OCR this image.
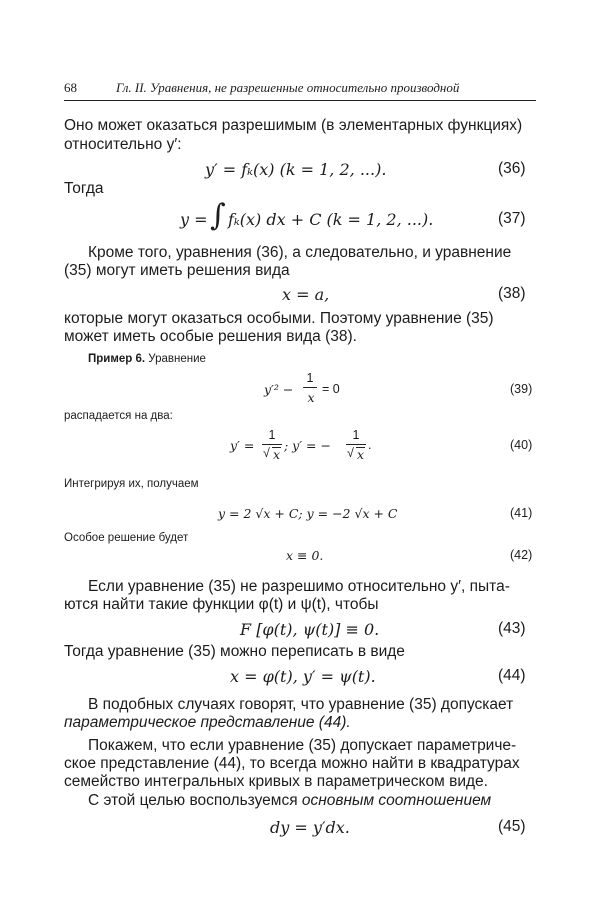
68	Гл. II. Уравнения, не разрешенные относительно производной
Оно может оказаться разрешимым (в элементарных функциях)
относительно y′:
y′ = fₖ(x) (k = 1, 2, ...).	(36)
Тогда
y = ∫ fₖ(x) dx + C (k = 1, 2, ...).	(37)
Кроме того, уравнения (36), а следовательно, и уравнение
(35) могут иметь решения вида
x = a,	(38)
которые могут оказаться особыми. Поэтому уравнение (35)
может иметь особые решения вида (38).
Пример 6. Уравнение
y′² −
1
x
= 0	(39)
распадается на два:
y′ =
1
√ x
; y′ = −
1
√ x
.	(40)
Интегрируя их, получаем
y = 2 √x + C; y = −2 √x + C	(41)
Особое решение будет
x ≡ 0.	(42)
Если уравнение (35) не разрешимо относительно y′, пыта-
ются найти такие функции φ(t) и ψ(t), чтобы
F [φ(t), ψ(t)] ≡ 0.	(43)
Тогда уравнение (35) можно переписать в виде
x = φ(t), y′ = ψ(t).	(44)
В подобных случаях говорят, что уравнение (35) допускает
параметрическое представление (44).
Покажем, что если уравнение (35) допускает параметриче-
ское представление (44), то всегда можно найти в квадратурах
семейство интегральных кривых в параметрическом виде.
С этой целью воспользуемся основным соотношением
dy = y′dx.	(45)
